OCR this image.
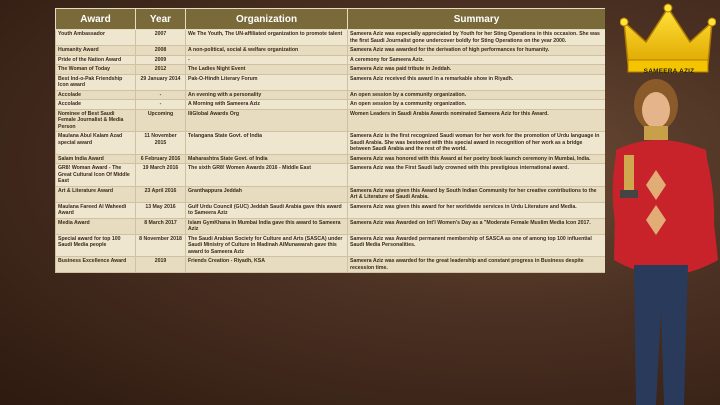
Award	Year	Organization	Summary
Youth Ambassador	2007	We The Youth, The UN-affiliated organization to promote talent	Sameera Aziz was especially appreciated by Youth for her Sting Operations in this occasion. She was the first Saudi Journalist gone undercover boldly for Sting Operations on the year 2000.
Humanity Award	2008	A non-political, social & welfare organization	Sameera Aziz was awarded for the derivation of high performances for humanity.
Pride of the Nation Award	2009	-	A ceremony for Sameera Aziz.
The Woman of Today	2012	The Ladies Night Event	Sameera Aziz was paid tribute in Jeddah.
Best Ind-o-Pak Friendship Icon award	29 January 2014	Pak-O-Hindh Literary Forum	Sameera Aziz received this award in a remarkable show in Riyadh.
Accolade	-	An evening with a personality	An open session by a community organization.
Accolade	-	A Morning with Sameera Aziz	An open session by a community organization.
Nominee of Best Saudi Female Journalist & Media Person	Upcoming	IIiGlobal Awards Org	Women Leaders in Saudi Arabia Awards nominated Sameera Aziz for this Award.
Maulana Abul Kalam Azad special award	11 November 2015	Telangana State Govt. of India	Sameera Aziz is the first recognized Saudi woman for her work for the promotion of Urdu language in Saudi Arabia. She was bestowed with this special award in recognition of her work as a bridge between Saudi Arabia and the rest of the world.
Salam India Award	6 February 2016	Maharashtra State Govt. of India	Sameera Aziz was honored with this Award at her poetry book launch ceremony in Mumbai, India.
GR8! Woman Award - The Great Cultural Icon Of Middle East	19 March 2016	The sixth GR8! Women Awards 2016 - Middle East	Sameera Aziz was the First Saudi lady crowned with this prestigious international award.
Art & Literature Award	23 April 2016	Granthappura Jeddah	Sameera Aziz was given this Award by South Indian Community for her creative contributions to the Art & Literature of Saudi Arabia.
Maulana Fareed Al Waheedi Award	13 May 2016	Gulf Urdu Council (GUC) Jeddah Saudi Arabia gave this award to Sameera Aziz	Sameera Aziz was given this award for her worldwide services in Urdu Literature and Media.
Media Award	8 March 2017	Islam GymKhana in Mumbai India gave this award to Sameera Aziz	Sameera Aziz was Awarded on Int'l Women's Day as a "Moderate Female Muslim Media Icon 2017.
Special award for top 100 Saudi Media people	8 November 2018	The Saudi Arabian Society for Culture and Arts (SASCA) under Saudi Ministry of Culture in Madinah AlMunawarah gave this award to Sameera Aziz	Sameera Aziz was Awarded permanent membership of SASCA as one of among top 100 influential Saudi Media Personalities.
Business Excellence Award	2019	Friends Creation - Riyadh, KSA	Sameera Aziz was awarded for the great leadership and constant progress in Business despite recession time.
SAMEERA AZIZ
